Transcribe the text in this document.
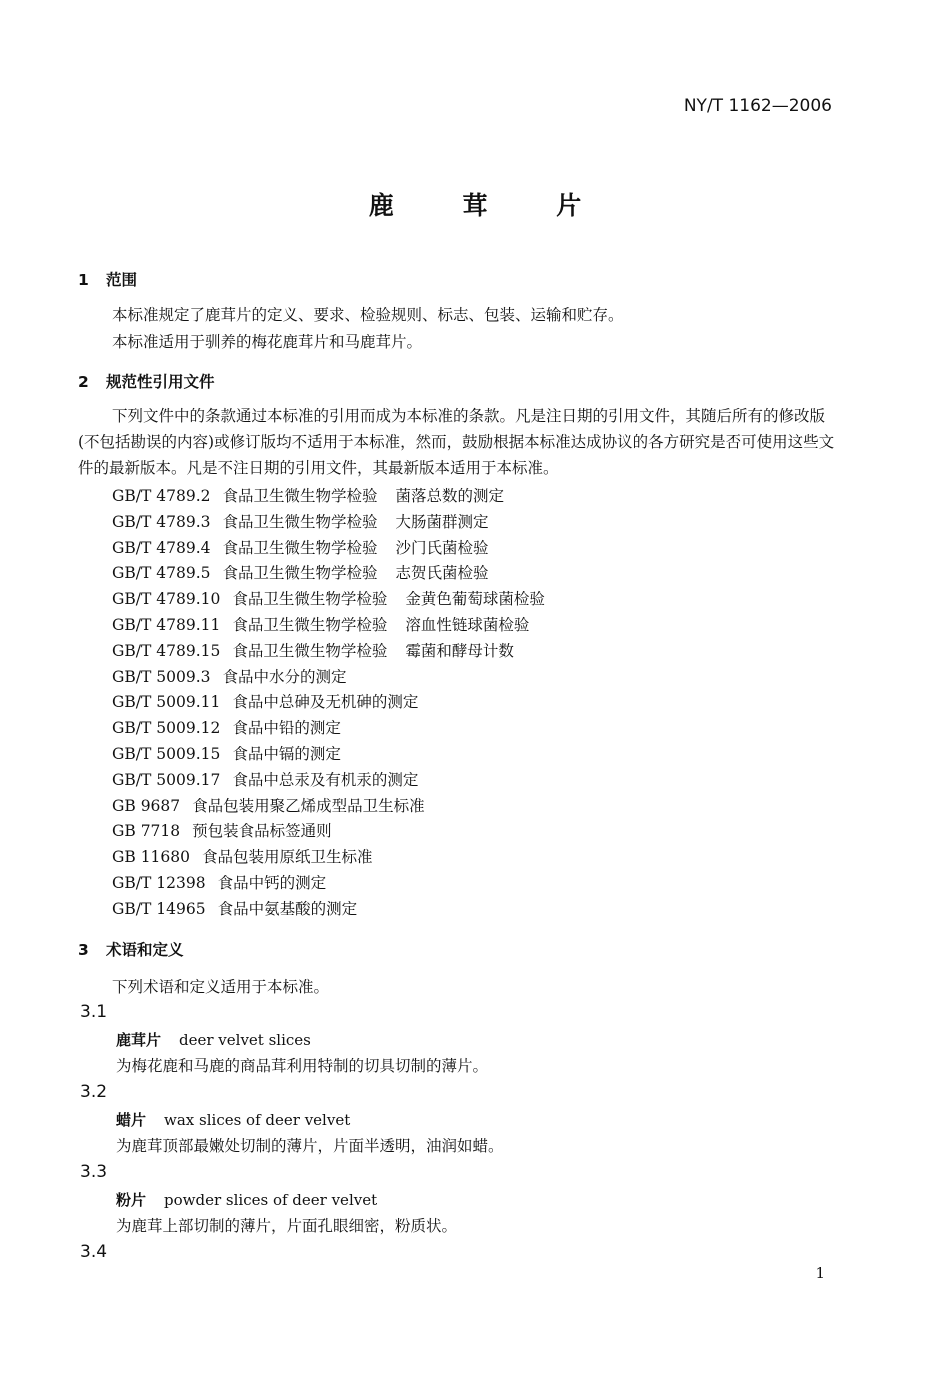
NY/T 1162—2006
鹿 茸 片
1 范围
本标准规定了鹿茸片的定义、要求、检验规则、标志、包装、运输和贮存。
本标准适用于驯养的梅花鹿茸片和马鹿茸片。
2 规范性引用文件
下列文件中的条款通过本标准的引用而成为本标准的条款。凡是注日期的引用文件，其随后所有的修改版(不包括勘误的内容)或修订版均不适用于本标准，然而，鼓励根据本标准达成协议的各方研究是否可使用这些文件的最新版本。凡是不注日期的引用文件，其最新版本适用于本标准。
GB/T 4789.2 食品卫生微生物学检验 菌落总数的测定
GB/T 4789.3 食品卫生微生物学检验 大肠菌群测定
GB/T 4789.4 食品卫生微生物学检验 沙门氏菌检验
GB/T 4789.5 食品卫生微生物学检验 志贺氏菌检验
GB/T 4789.10 食品卫生微生物学检验 金黄色葡萄球菌检验
GB/T 4789.11 食品卫生微生物学检验 溶血性链球菌检验
GB/T 4789.15 食品卫生微生物学检验 霉菌和酵母计数
GB/T 5009.3 食品中水分的测定
GB/T 5009.11 食品中总砷及无机砷的测定
GB/T 5009.12 食品中铅的测定
GB/T 5009.15 食品中镉的测定
GB/T 5009.17 食品中总汞及有机汞的测定
GB 9687 食品包装用聚乙烯成型品卫生标准
GB 7718 预包装食品标签通则
GB 11680 食品包装用原纸卫生标准
GB/T 12398 食品中钙的测定
GB/T 14965 食品中氨基酸的测定
3 术语和定义
下列术语和定义适用于本标准。
3.1
鹿茸片 deer velvet slices
为梅花鹿和马鹿的商品茸利用特制的切具切制的薄片。
3.2
蜡片 wax slices of deer velvet
为鹿茸顶部最嫩处切制的薄片，片面半透明，油润如蜡。
3.3
粉片 powder slices of deer velvet
为鹿茸上部切制的薄片，片面孔眼细密，粉质状。
3.4
1
